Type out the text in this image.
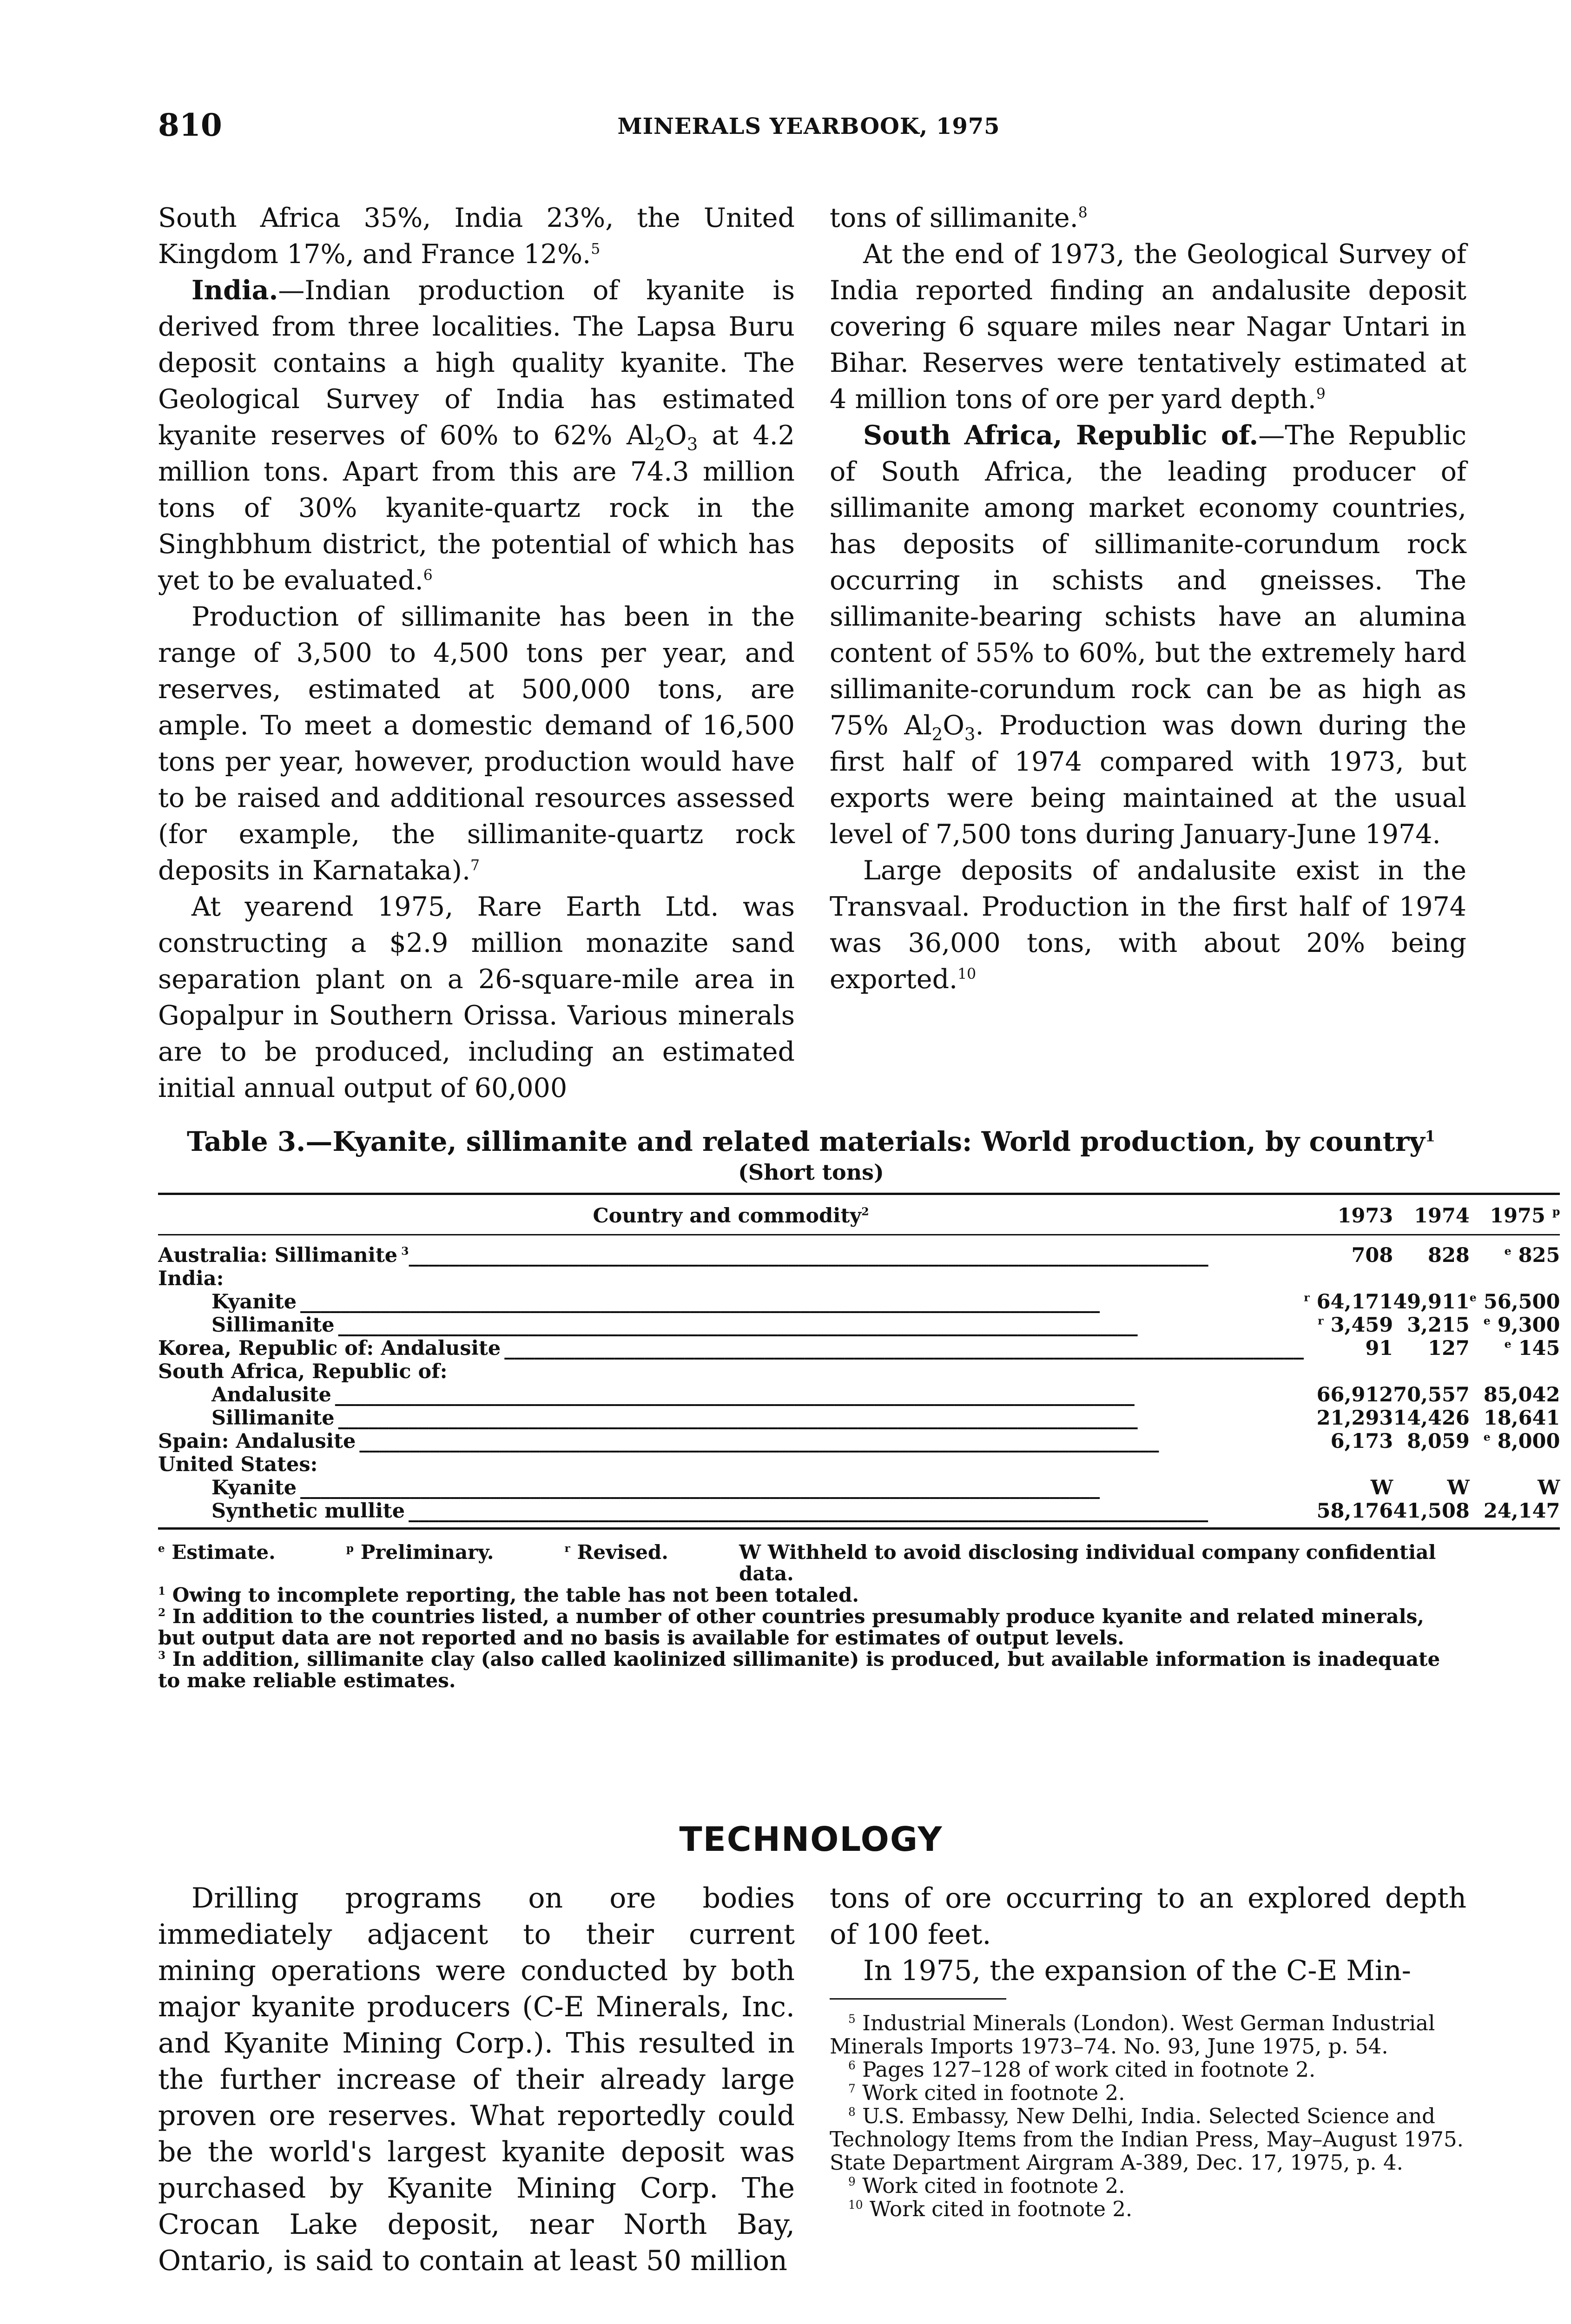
810	MINERALS YEARBOOK, 1975

South Africa 35%, India 23%, the United Kingdom 17%, and France 12%.$^5$

India.—Indian production of kyanite is derived from three localities. The Lapsa Buru deposit contains a high quality kyanite. The Geological Survey of India has estimated kyanite reserves of 60% to 62% $Al_2O_3$ at 4.2 million tons. Apart from this are 74.3 million tons of 30% kyanite-quartz rock in the Singhbhum district, the potential of which has yet to be evaluated.$^6$

Production of sillimanite has been in the range of 3,500 to 4,500 tons per year, and reserves, estimated at 500,000 tons, are ample. To meet a domestic demand of 16,500 tons per year, however, production would have to be raised and additional resources assessed (for example, the sillimanite-quartz rock deposits in Karnataka).$^7$

At yearend 1975, Rare Earth Ltd. was constructing a $2.9 million monazite sand separation plant on a 26-square-mile area in Gopalpur in Southern Orissa. Various minerals are to be produced, including an estimated initial annual output of 60,000

tons of sillimanite.$^8$

At the end of 1973, the Geological Survey of India reported finding an andalusite deposit covering 6 square miles near Nagar Untari in Bihar. Reserves were tentatively estimated at 4 million tons of ore per yard depth.$^9$

South Africa, Republic of.—The Republic of South Africa, the leading producer of sillimanite among market economy countries, has deposits of sillimanite-corundum rock occurring in schists and gneisses. The sillimanite-bearing schists have an alumina content of 55% to 60%, but the extremely hard sillimanite-corundum rock can be as high as 75% $Al_2O_3$. Production was down during the first half of 1974 compared with 1973, but exports were being maintained at the usual level of 7,500 tons during January-June 1974.

Large deposits of andalusite exist in the Transvaal. Production in the first half of 1974 was 36,000 tons, with about 20% being exported.$^{10}$

Table 3.—Kyanite, sillimanite and related materials: World production, by country$^1$
(Short tons)
Country and commodity$^2$	1973	1974	1975 $^p$
Australia: Sillimanite $^3$________________________________________________________________________________	708	828	$^e$ 825
India:			
Kyanite________________________________________________________________________________	$^r$ 64,171	49,911	$^e$ 56,500
Sillimanite________________________________________________________________________________	$^r$ 3,459	3,215	$^e$ 9,300
Korea, Republic of: Andalusite________________________________________________________________________________	91	127	$^e$ 145
South Africa, Republic of:			
Andalusite________________________________________________________________________________	66,912	70,557	85,042
Sillimanite________________________________________________________________________________	21,293	14,426	18,641
Spain: Andalusite________________________________________________________________________________	6,173	8,059	$^e$ 8,000
United States:			
Kyanite________________________________________________________________________________	W	W	W
Synthetic mullite________________________________________________________________________________	58,176	41,508	24,147
$^e$ Estimate.	$^p$ Preliminary.	$^r$ Revised.	W Withheld to avoid disclosing individual company confidential data.

$^1$ Owing to incomplete reporting, the table has not been totaled.

$^2$ In addition to the countries listed, a number of other countries presumably produce kyanite and related minerals, but output data are not reported and no basis is available for estimates of output levels.

$^3$ In addition, sillimanite clay (also called kaolinized sillimanite) is produced, but available information is inadequate to make reliable estimates.

TECHNOLOGY

Drilling programs on ore bodies immediately adjacent to their current mining operations were conducted by both major kyanite producers (C-E Minerals, Inc. and Kyanite Mining Corp.). This resulted in the further increase of their already large proven ore reserves. What reportedly could be the world's largest kyanite deposit was purchased by Kyanite Mining Corp. The Crocan Lake deposit, near North Bay, Ontario, is said to contain at least 50 million

tons of ore occurring to an explored depth of 100 feet.

In 1975, the expansion of the C-E Min-

$^5$ Industrial Minerals (London). West German Industrial Minerals Imports 1973–74. No. 93, June 1975, p. 54.

$^6$ Pages 127–128 of work cited in footnote 2.

$^7$ Work cited in footnote 2.

$^8$ U.S. Embassy, New Delhi, India. Selected Science and Technology Items from the Indian Press, May–August 1975. State Department Airgram A-389, Dec. 17, 1975, p. 4.

$^9$ Work cited in footnote 2.

$^{10}$ Work cited in footnote 2.
